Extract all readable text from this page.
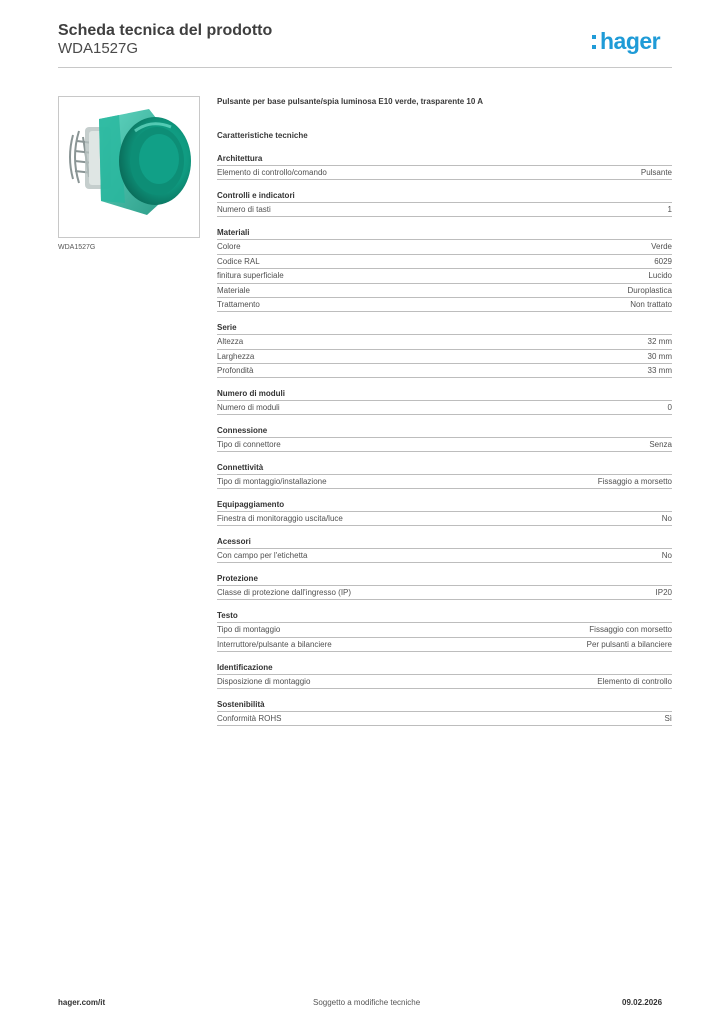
Scheda tecnica del prodotto
WDA1527G	hager
WDA1527G
Pulsante per base pulsante/spia luminosa E10 verde, trasparente 10 A
Caratteristiche tecniche
Architettura
Elemento di controllo/comando	Pulsante
Controlli e indicatori
Numero di tasti	1
Materiali
Colore	Verde
Codice RAL	6029
finitura superficiale	Lucido
Materiale	Duroplastica
Trattamento	Non trattato
Serie
Altezza	32 mm
Larghezza	30 mm
Profondità	33 mm
Numero di moduli
Numero di moduli	0
Connessione
Tipo di connettore	Senza
Connettività
Tipo di montaggio/installazione	Fissaggio a morsetto
Equipaggiamento
Finestra di monitoraggio uscita/luce	No
Acessori
Con campo per l'etichetta	No
Protezione
Classe di protezione dall'ingresso (IP)	IP20
Testo
Tipo di montaggio	Fissaggio con morsetto
Interruttore/pulsante a bilanciere	Per pulsanti a bilanciere
Identificazione
Disposizione di montaggio	Elemento di controllo
Sostenibilità
Conformità ROHS	Sì
hager.com/it	Soggetto a modifiche tecniche	09.02.2026
